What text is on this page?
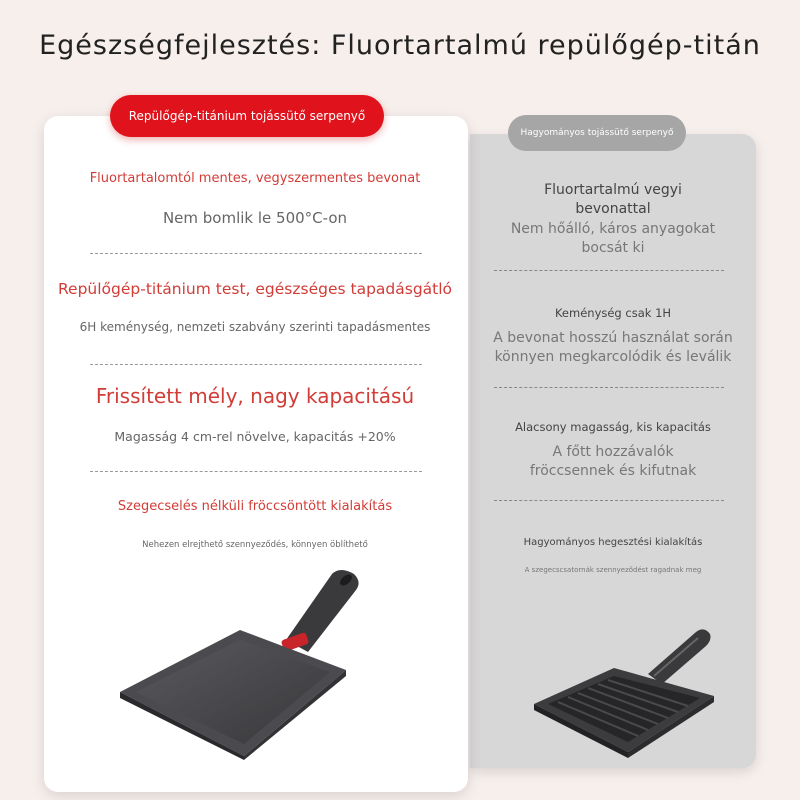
Egészségfejlesztés: Fluortartalmú repülőgép-titán
Repülőgép-titánium tojássütő serpenyő
Hagyományos tojássütő serpenyő
Fluortartalomtól mentes, vegyszermentes bevonat
Nem bomlik le 500°C-on
Repülőgép-titánium test, egészséges tapadásgátló
6H keménység, nemzeti szabvány szerinti tapadásmentes
Frissített mély, nagy kapacitású
Magasság 4 cm-rel növelve, kapacitás +20%
Szegecselés nélküli fröccsöntött kialakítás
Nehezen elrejthető szennyeződés, könnyen öblíthető
Fluortartalmú vegyi bevonattal
Nem hőálló, káros anyagokat bocsát ki
Keménység csak 1H
A bevonat hosszú használat során könnyen megkarcolódik és leválik
Alacsony magasság, kis kapacitás
A főtt hozzávalók fröccsennek és kifutnak
Hagyományos hegesztési kialakítás
A szegecscsatornák szennyeződést ragadnak meg
